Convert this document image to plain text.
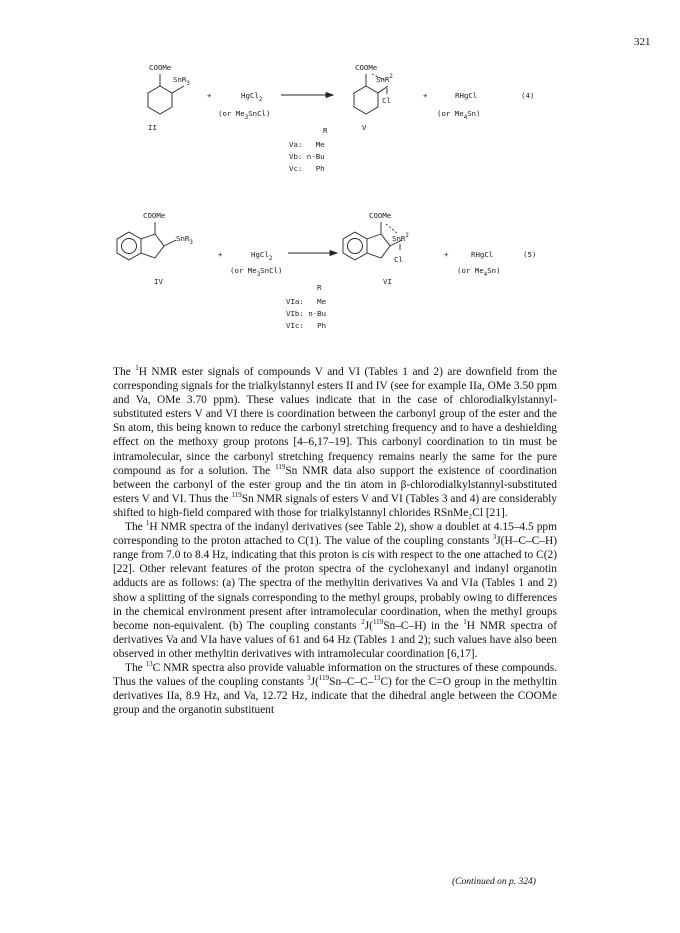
321
COOMe
SnR$_3$
II
+	HgCl$_2$
(or $Me_3SnCl$)
COOMe
SnR$^2$
Cl
V
+	RHgCl
(or $Me_4Sn$)
(4)
R
Va:   Me
Vb: n-Bu
Vc:   Ph
COOMe
SnR$_3$
IV
+	HgCl$_2$
(or $Me_3SnCl$)
COOMe
SnR$^2$
Cl
VI
+	RHgCl
(or $Me_4Sn$)
(5)
R
VIa:   Me
VIb: n-Bu
VIc:   Ph

The $^1$H NMR ester signals of compounds V and VI (Tables 1 and 2) are downfield from the corresponding signals for the trialkylstannyl esters II and IV (see for example IIa, OMe 3.50 ppm and Va, OMe 3.70 ppm). These values indicate that in the case of chlorodialkylstannyl-substituted esters V and VI there is coordination between the carbonyl group of the ester and the Sn atom, this being known to reduce the carbonyl stretching frequency and to have a deshielding effect on the methoxy group protons [4–6,17–19]. This carbonyl coordination to tin must be intramolecular, since the carbonyl stretching frequency remains nearly the same for the pure compound as for a solution. The $^{119}$Sn NMR data also support the existence of coordination between the carbonyl of the ester group and the tin atom in β-chlorodialkylstannyl-substituted esters V and VI. Thus the $^{119}$Sn NMR signals of esters V and VI (Tables 3 and 4) are considerably shifted to high-field compared with those for trialkylstannyl chlorides RSnMe₂Cl [21].

The $^1$H NMR spectra of the indanyl derivatives (see Table 2), show a doublet at 4.15–4.5 ppm corresponding to the proton attached to C(1). The value of the coupling constants $^3$J(H–C–C–H) range from 7.0 to 8.4 Hz, indicating that this proton is cis with respect to the one attached to C(2) [22]. Other relevant features of the proton spectra of the cyclohexanyl and indanyl organotin adducts are as follows: (a) The spectra of the methyltin derivatives Va and VIa (Tables 1 and 2) show a splitting of the signals corresponding to the methyl groups, probably owing to differences in the chemical environment present after intramolecular coordination, when the methyl groups become non-equivalent. (b) The coupling constants $^2$J($^{119}$Sn–C–H) in the $^1$H NMR spectra of derivatives Va and VIa have values of 61 and 64 Hz (Tables 1 and 2); such values have also been observed in other methyltin derivatives with intramolecular coordination [6,17].

The $^{13}$C NMR spectra also provide valuable information on the structures of these compounds. Thus the values of the coupling constants $^3$J($^{119}$Sn–C–C–$^{13}$C) for the C=O group in the methyltin derivatives IIa, 8.9 Hz, and Va, 12.72 Hz, indicate that the dihedral angle between the COOMe group and the organotin substituent

(Continued on p. 324)
